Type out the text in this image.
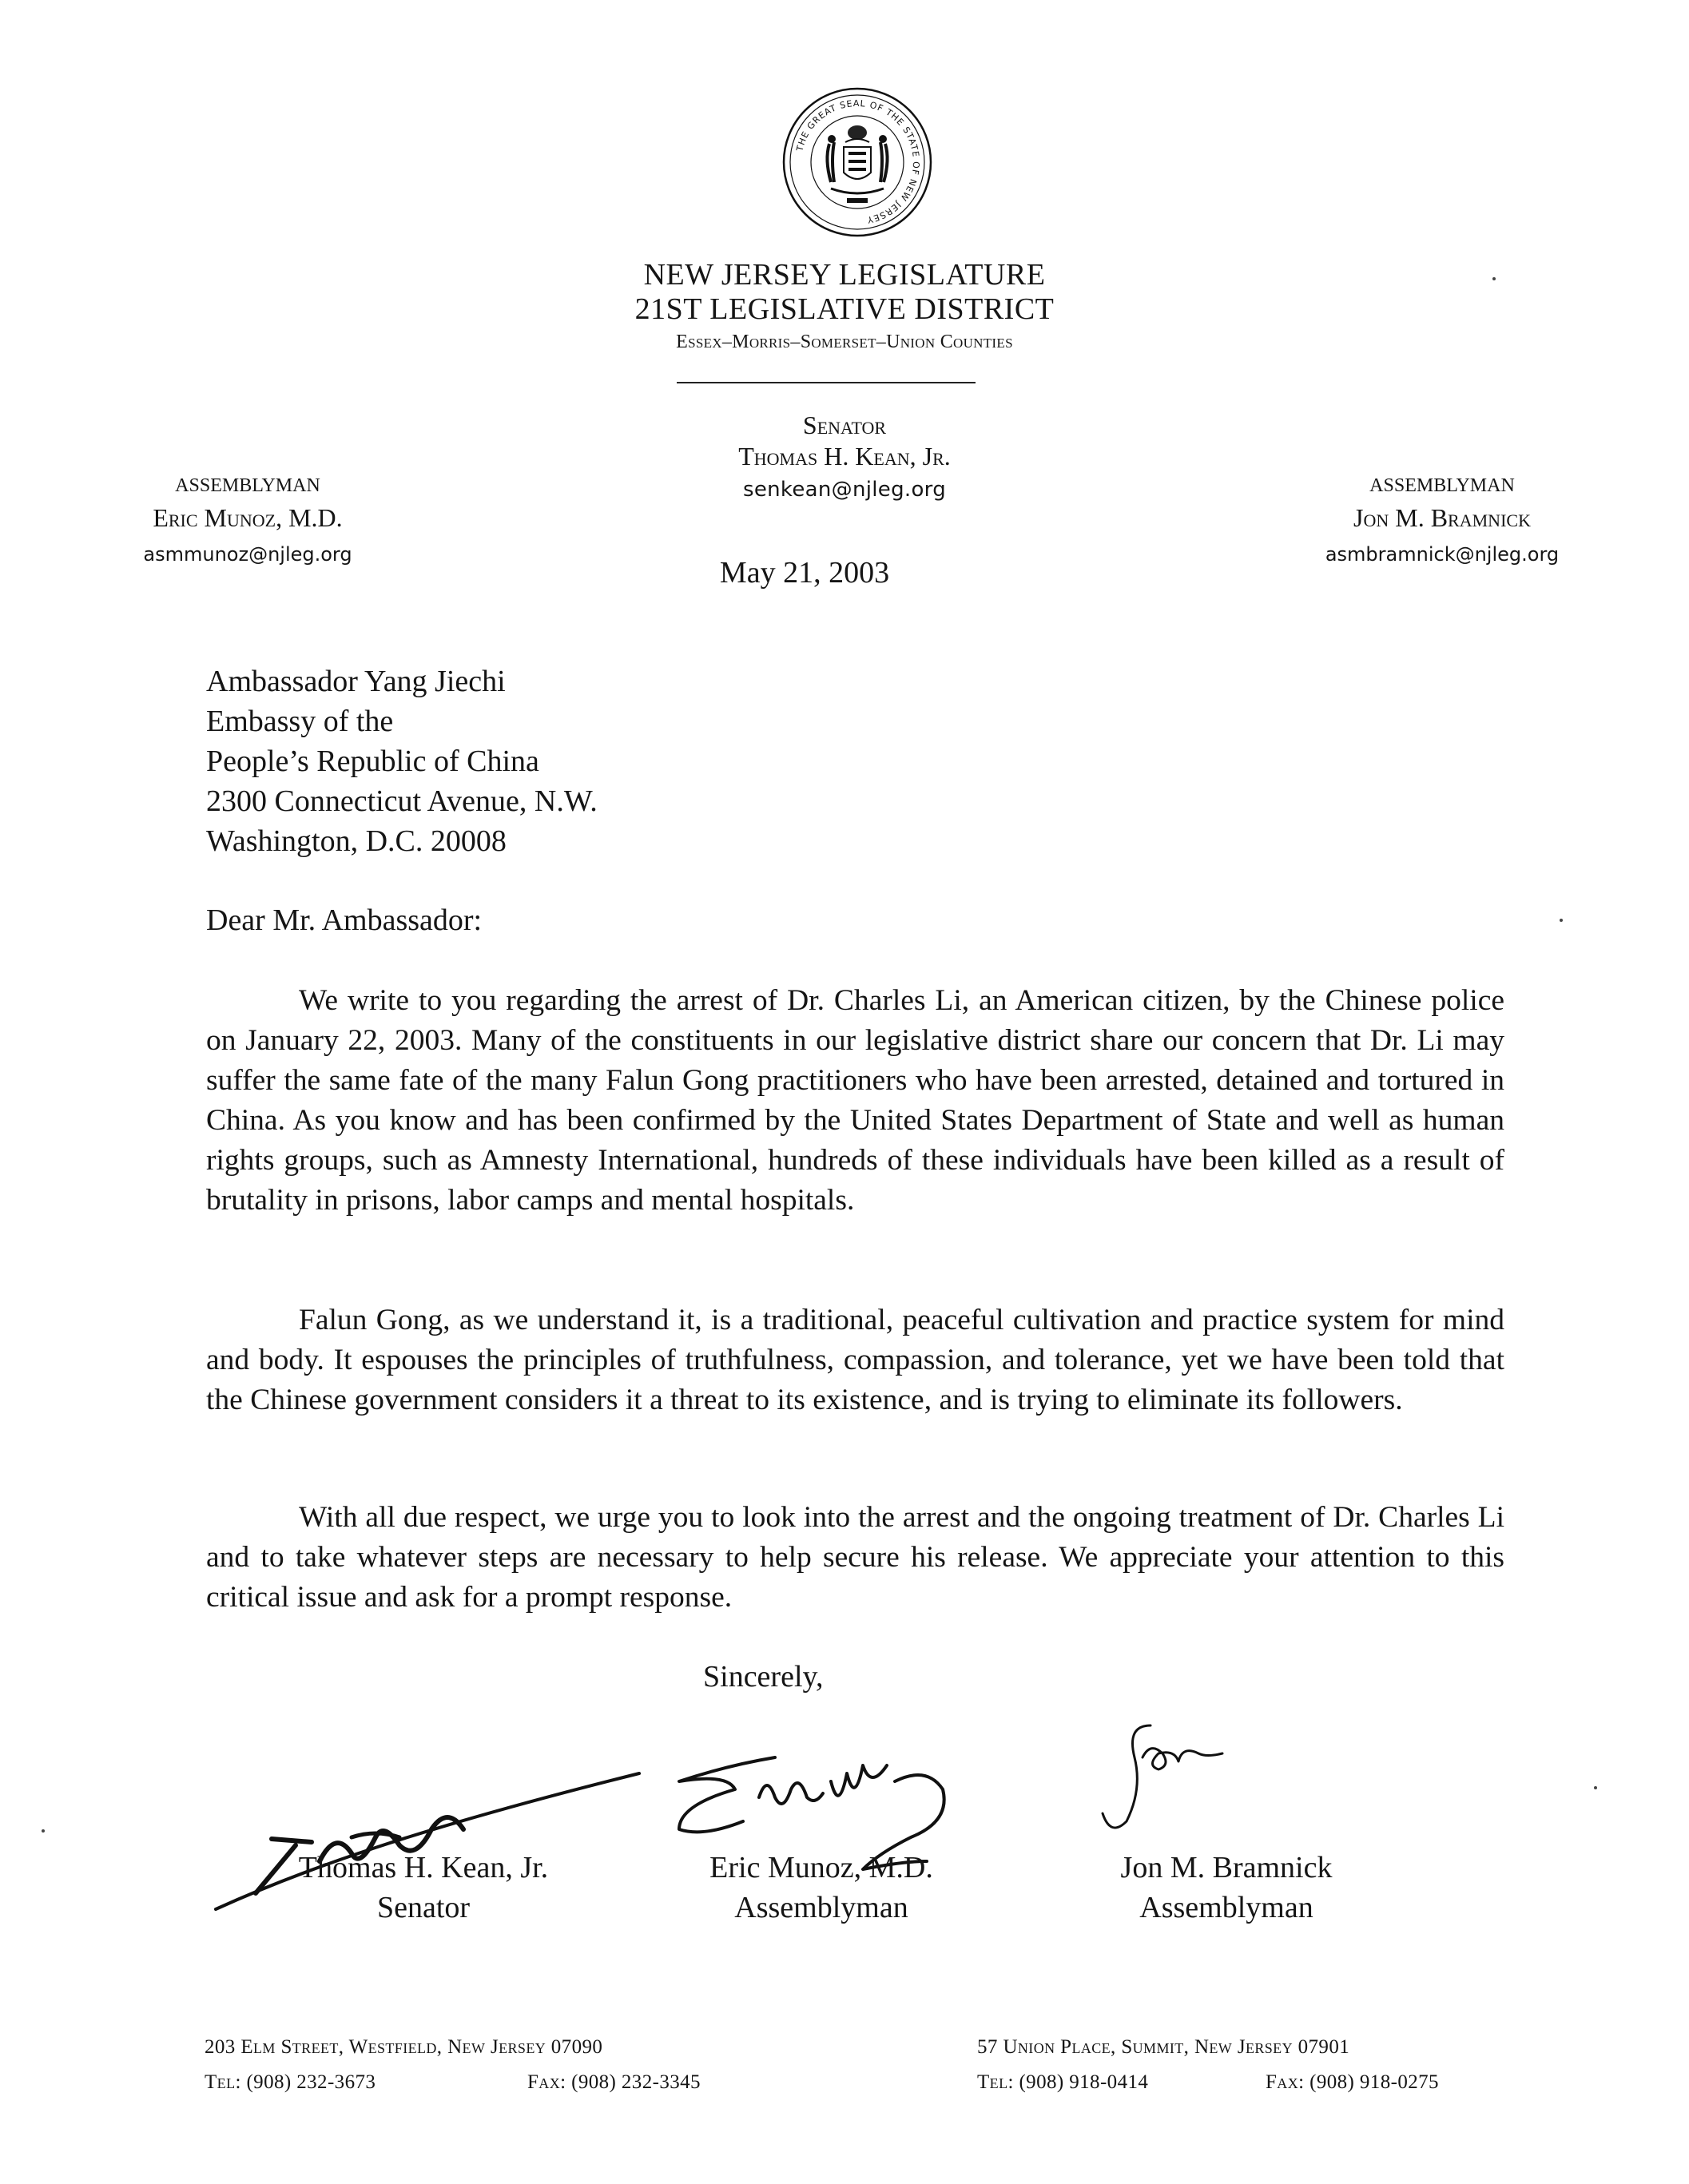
THE GREAT SEAL OF THE STATE OF NEW JERSEY
NEW JERSEY LEGISLATURE
21ST LEGISLATIVE DISTRICT
Essex–Morris–Somerset–Union Counties
Senator
Thomas H. Kean, Jr.
senkean@njleg.org
ASSEMBLYMAN
Eric Munoz, M.D.
asmmunoz@njleg.org
ASSEMBLYMAN
Jon M. Bramnick
asmbramnick@njleg.org
May 21, 2003
Ambassador Yang Jiechi
Embassy of the
People’s Republic of China
2300 Connecticut Avenue, N.W.
Washington, D.C. 20008
Dear Mr. Ambassador:
We write to you regarding the arrest of Dr. Charles Li, an American citizen, by the Chinese police on January 22, 2003. Many of the constituents in our legislative district share our concern that Dr. Li may suffer the same fate of the many Falun Gong practitioners who have been arrested, detained and tortured in China. As you know and has been confirmed by the United States Department of State and well as human rights groups, such as Amnesty International, hundreds of these individuals have been killed as a result of brutality in prisons, labor camps and mental hospitals.
Falun Gong, as we understand it, is a traditional, peaceful cultivation and practice system for mind and body. It espouses the principles of truthfulness, compassion, and tolerance, yet we have been told that the Chinese government considers it a threat to its existence, and is trying to eliminate its followers.
With all due respect, we urge you to look into the arrest and the ongoing treatment of Dr. Charles Li and to take whatever steps are necessary to help secure his release. We appreciate your attention to this critical issue and ask for a prompt response.
Sincerely,
Thomas H. Kean, Jr.
Senator
Eric Munoz, M.D.
Assemblyman
Jon M. Bramnick
Assemblyman
203 Elm Street, Westfield, New Jersey 07090
Tel: (908) 232-3673	Fax: (908) 232-3345
57 Union Place, Summit, New Jersey 07901
Tel: (908) 918-0414	Fax: (908) 918-0275
